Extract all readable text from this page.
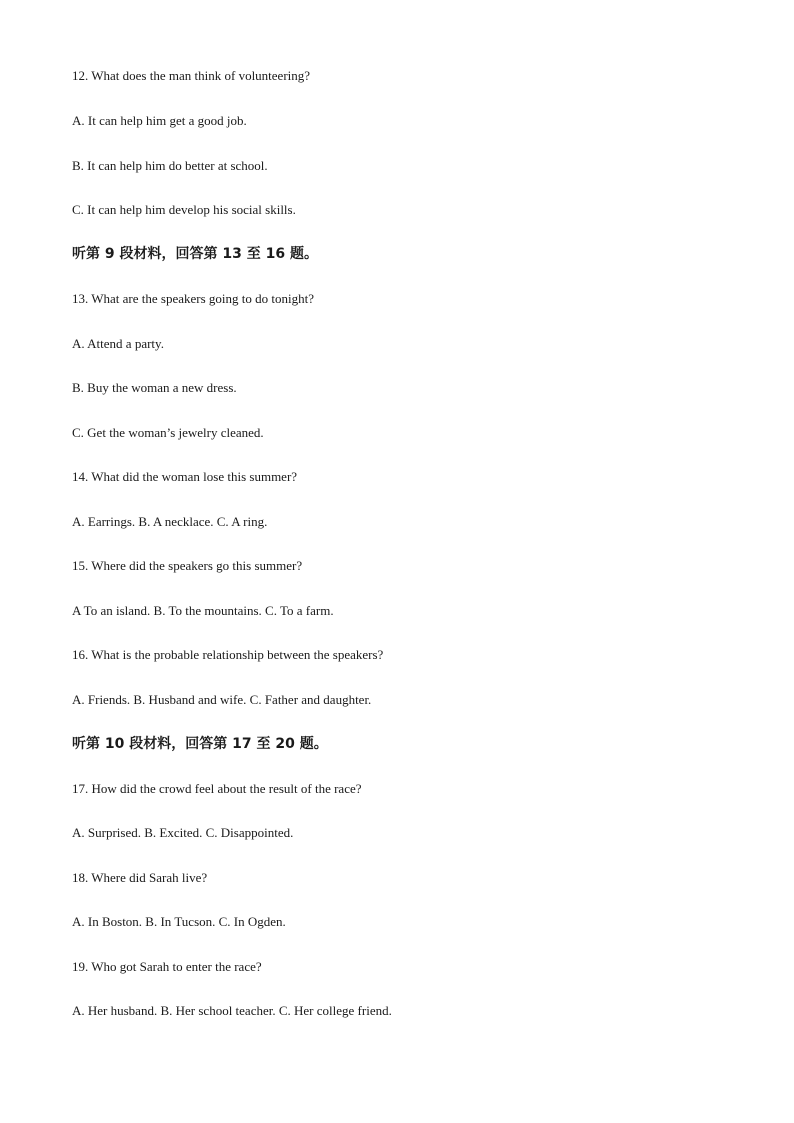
12. What does the man think of volunteering?
A. It can help him get a good job.
B. It can help him do better at school.
C. It can help him develop his social skills.
听第 9 段材料，回答第 13 至 16 题。
13. What are the speakers going to do tonight?
A. Attend a party.
B. Buy the woman a new dress.
C. Get the woman’s jewelry cleaned.
14. What did the woman lose this summer?
A. Earrings. B. A necklace. C. A ring.
15. Where did the speakers go this summer?
A To an island. B. To the mountains. C. To a farm.
16. What is the probable relationship between the speakers?
A. Friends. B. Husband and wife. C. Father and daughter.
听第 10 段材料，回答第 17 至 20 题。
17. How did the crowd feel about the result of the race?
A. Surprised. B. Excited. C. Disappointed.
18. Where did Sarah live?
A. In Boston. B. In Tucson. C. In Ogden.
19. Who got Sarah to enter the race?
A. Her husband. B. Her school teacher. C. Her college friend.
